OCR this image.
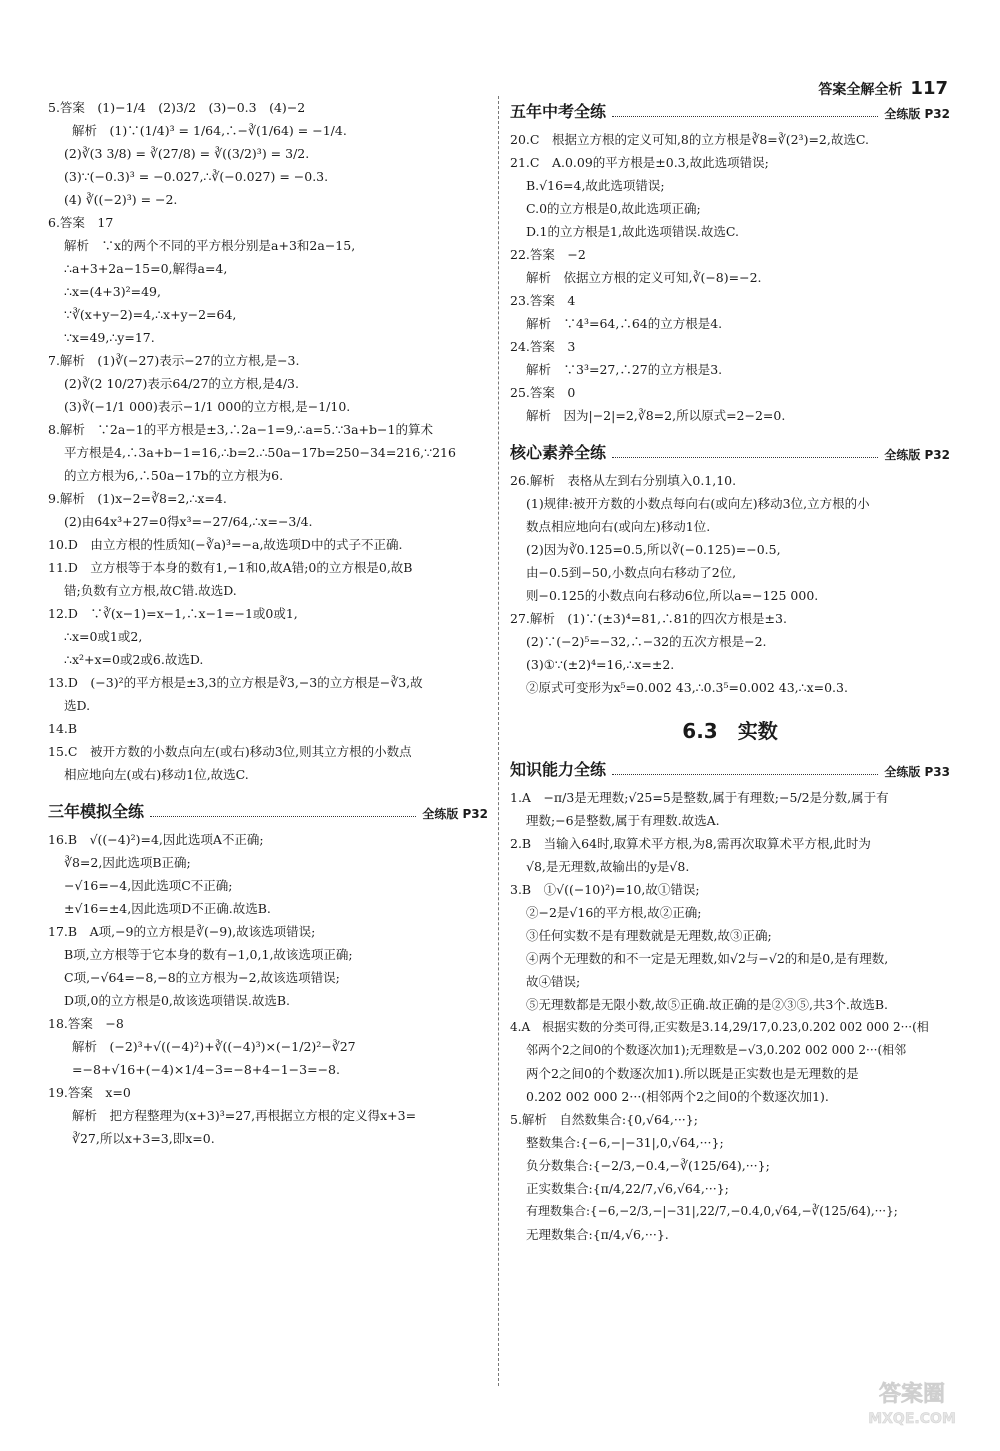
答案全解全析 117
5.答案　(1)−1/4　(2)3/2　(3)−0.3　(4)−2
解析　(1)∵(1/4)³ = 1/64,∴−∛(1/64) = −1/4.
(2)∛(3 3/8) = ∛(27/8) = ∛((3/2)³) = 3/2.
(3)∵(−0.3)³ = −0.027,∴∛(−0.027) = −0.3.
(4) ∛((−2)³) = −2.
6.答案　17
解析　∵x的两个不同的平方根分别是a+3和2a−15,
∴a+3+2a−15=0,解得a=4,
∴x=(4+3)²=49,
∵∛(x+y−2)=4,∴x+y−2=64,
∵x=49,∴y=17.
7.解析　(1)∛(−27)表示−27的立方根,是−3.
(2)∛(2 10/27)表示64/27的立方根,是4/3.
(3)∛(−1/1 000)表示−1/1 000的立方根,是−1/10.
8.解析　∵2a−1的平方根是±3,∴2a−1=9,∴a=5.∵3a+b−1的算术
平方根是4,∴3a+b−1=16,∴b=2.∴50a−17b=250−34=216,∵216
的立方根为6,∴50a−17b的立方根为6.
9.解析　(1)x−2=∛8=2,∴x=4.
(2)由64x³+27=0得x³=−27/64,∴x=−3/4.
10.D　由立方根的性质知(−∛a)³=−a,故选项D中的式子不正确.
11.D　立方根等于本身的数有1,−1和0,故A错;0的立方根是0,故B
错;负数有立方根,故C错.故选D.
12.D　∵∛(x−1)=x−1,∴x−1=−1或0或1,
∴x=0或1或2,
∴x²+x=0或2或6.故选D.
13.D　(−3)²的平方根是±3,3的立方根是∛3,−3的立方根是−∛3,故
选D.
14.B
15.C　被开方数的小数点向左(或右)移动3位,则其立方根的小数点
相应地向左(或右)移动1位,故选C.
三年模拟全练	全练版 P32
16.B　√((−4)²)=4,因此选项A不正确;
∛8=2,因此选项B正确;
−√16=−4,因此选项C不正确;
±√16=±4,因此选项D不正确.故选B.
17.B　A项,−9的立方根是∛(−9),故该选项错误;
B项,立方根等于它本身的数有−1,0,1,故该选项正确;
C项,−√64=−8,−8的立方根为−2,故该选项错误;
D项,0的立方根是0,故该选项错误.故选B.
18.答案　−8
解析　(−2)³+√((−4)²)+∛((−4)³)×(−1/2)²−∛27
=−8+√16+(−4)×1/4−3=−8+4−1−3=−8.
19.答案　x=0
解析　把方程整理为(x+3)³=27,再根据立方根的定义得x+3=
∛27,所以x+3=3,即x=0.
五年中考全练	全练版 P32
20.C　根据立方根的定义可知,8的立方根是∛8=∛(2³)=2,故选C.
21.C　A.0.09的平方根是±0.3,故此选项错误;
B.√16=4,故此选项错误;
C.0的立方根是0,故此选项正确;
D.1的立方根是1,故此选项错误.故选C.
22.答案　−2
解析　依据立方根的定义可知,∛(−8)=−2.
23.答案　4
解析　∵4³=64,∴64的立方根是4.
24.答案　3
解析　∵3³=27,∴27的立方根是3.
25.答案　0
解析　因为|−2|=2,∛8=2,所以原式=2−2=0.
核心素养全练	全练版 P32
26.解析　表格从左到右分别填入0.1,10.
(1)规律:被开方数的小数点每向右(或向左)移动3位,立方根的小
数点相应地向右(或向左)移动1位.
(2)因为∛0.125=0.5,所以∛(−0.125)=−0.5,
由−0.5到−50,小数点向右移动了2位,
则−0.125的小数点向右移动6位,所以a=−125 000.
27.解析　(1)∵(±3)⁴=81,∴81的四次方根是±3.
(2)∵(−2)⁵=−32,∴−32的五次方根是−2.
(3)①∵(±2)⁴=16,∴x=±2.
②原式可变形为x⁵=0.002 43,∴0.3⁵=0.002 43,∴x=0.3.
6.3　实数
知识能力全练	全练版 P33
1.A　−π/3是无理数;√25=5是整数,属于有理数;−5/2是分数,属于有
理数;−6是整数,属于有理数.故选A.
2.B　当输入64时,取算术平方根,为8,需再次取算术平方根,此时为
√8,是无理数,故输出的y是√8.
3.B　①√((−10)²)=10,故①错误;
②−2是√16的平方根,故②正确;
③任何实数不是有理数就是无理数,故③正确;
④两个无理数的和不一定是无理数,如√2与−√2的和是0,是有理数,
故④错误;
⑤无理数都是无限小数,故⑤正确.故正确的是②③⑤,共3个.故选B.
4.A　根据实数的分类可得,正实数是3.14,29/17,0.23,0.202 002 000 2···(相
邻两个2之间0的个数逐次加1);无理数是−√3,0.202 002 000 2···(相邻
两个2之间0的个数逐次加1).所以既是正实数也是无理数的是
0.202 002 000 2···(相邻两个2之间0的个数逐次加1).
5.解析　自然数集合:{0,√64,···};
整数集合:{−6,−|−31|,0,√64,···};
负分数集合:{−2/3,−0.4,−∛(125/64),···};
正实数集合:{π/4,22/7,√6,√64,···};
有理数集合:{−6,−2/3,−|−31|,22/7,−0.4,0,√64,−∛(125/64),···};
无理数集合:{π/4,√6,···}.
答案圈
MXQE.COM
